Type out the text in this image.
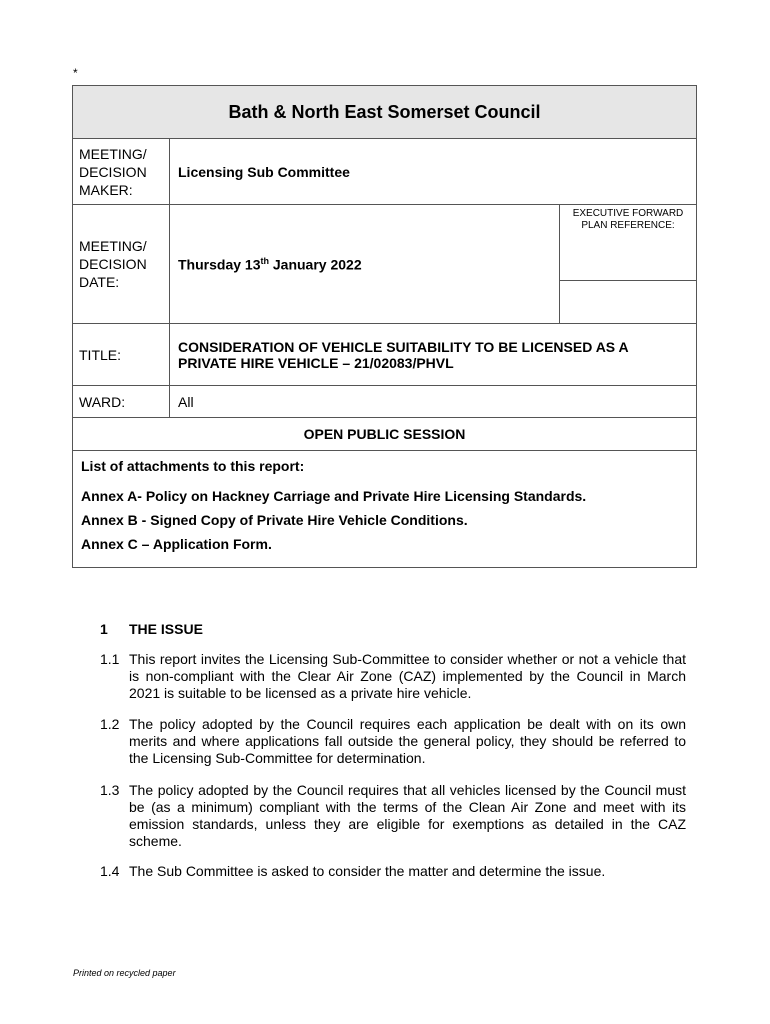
*
Bath & North East Somerset Council		
MEETING/ DECISION MAKER:	Licensing Sub Committee	
MEETING/ DECISION DATE:	Thursday 13th January 2022	EXECUTIVE FORWARD PLAN REFERENCE:

TITLE:	CONSIDERATION OF VEHICLE SUITABILITY TO BE LICENSED AS A PRIVATE HIRE VEHICLE – 21/02083/PHVL	
WARD:	All	
OPEN PUBLIC SESSION		

List of attachments to this report:

Annex A- Policy on Hackney Carriage and Private Hire Licensing Standards.

Annex B - Signed Copy of Private Hire Vehicle Conditions.

Annex C – Application Form.		

1 THE ISSUE
1.1 This report invites the Licensing Sub-Committee to consider whether or not a vehicle that is non-compliant with the Clear Air Zone (CAZ) implemented by the Council in March 2021 is suitable to be licensed as a private hire vehicle.
1.2 The policy adopted by the Council requires each application be dealt with on its own merits and where applications fall outside the general policy, they should be referred to the Licensing Sub-Committee for determination.
1.3 The policy adopted by the Council requires that all vehicles licensed by the Council must be (as a minimum) compliant with the terms of the Clean Air Zone and meet with its emission standards, unless they are eligible for exemptions as detailed in the CAZ scheme.
1.4 The Sub Committee is asked to consider the matter and determine the issue.
Printed on recycled paper
